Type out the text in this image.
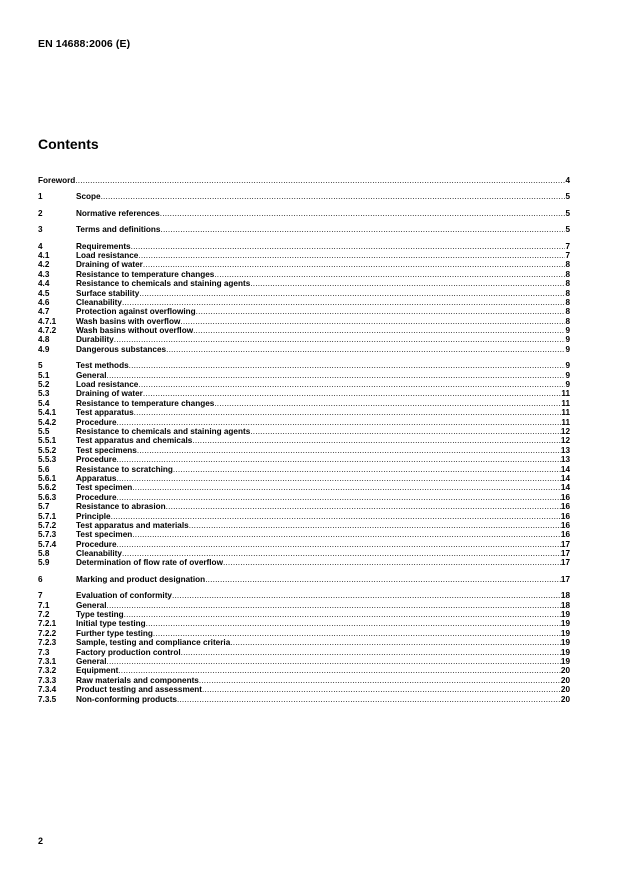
EN 14688:2006 (E)
Contents
Foreword .....	4
1	Scope .....	5
2	Normative references .....	5
3	Terms and definitions .....	5
4	Requirements .....	7
4.1	Load resistance .....	7
4.2	Draining of water .....	8
4.3	Resistance to temperature changes .....	8
4.4	Resistance to chemicals and staining agents .....	8
4.5	Surface stability .....	8
4.6	Cleanability .....	8
4.7	Protection against overflowing .....	8
4.7.1	Wash basins with overflow .....	8
4.7.2	Wash basins without overflow .....	9
4.8	Durability .....	9
4.9	Dangerous substances .....	9
5	Test methods .....	9
5.1	General .....	9
5.2	Load resistance .....	9
5.3	Draining of water .....	11
5.4	Resistance to temperature changes .....	11
5.4.1	Test apparatus .....	11
5.4.2	Procedure .....	11
5.5	Resistance to chemicals and staining agents .....	12
5.5.1	Test apparatus and chemicals .....	12
5.5.2	Test specimens .....	13
5.5.3	Procedure .....	13
5.6	Resistance to scratching .....	14
5.6.1	Apparatus .....	14
5.6.2	Test specimen .....	14
5.6.3	Procedure .....	16
5.7	Resistance to abrasion .....	16
5.7.1	Principle .....	16
5.7.2	Test apparatus and materials .....	16
5.7.3	Test specimen .....	16
5.7.4	Procedure .....	17
5.8	Cleanability .....	17
5.9	Determination of flow rate of overflow .....	17
6	Marking and product designation .....	17
7	Evaluation of conformity .....	18
7.1	General .....	18
7.2	Type testing .....	19
7.2.1	Initial type testing .....	19
7.2.2	Further type testing .....	19
7.2.3	Sample, testing and compliance criteria .....	19
7.3	Factory production control .....	19
7.3.1	General .....	19
7.3.2	Equipment .....	20
7.3.3	Raw materials and components .....	20
7.3.4	Product testing and assessment .....	20
7.3.5	Non-conforming products .....	20
2
